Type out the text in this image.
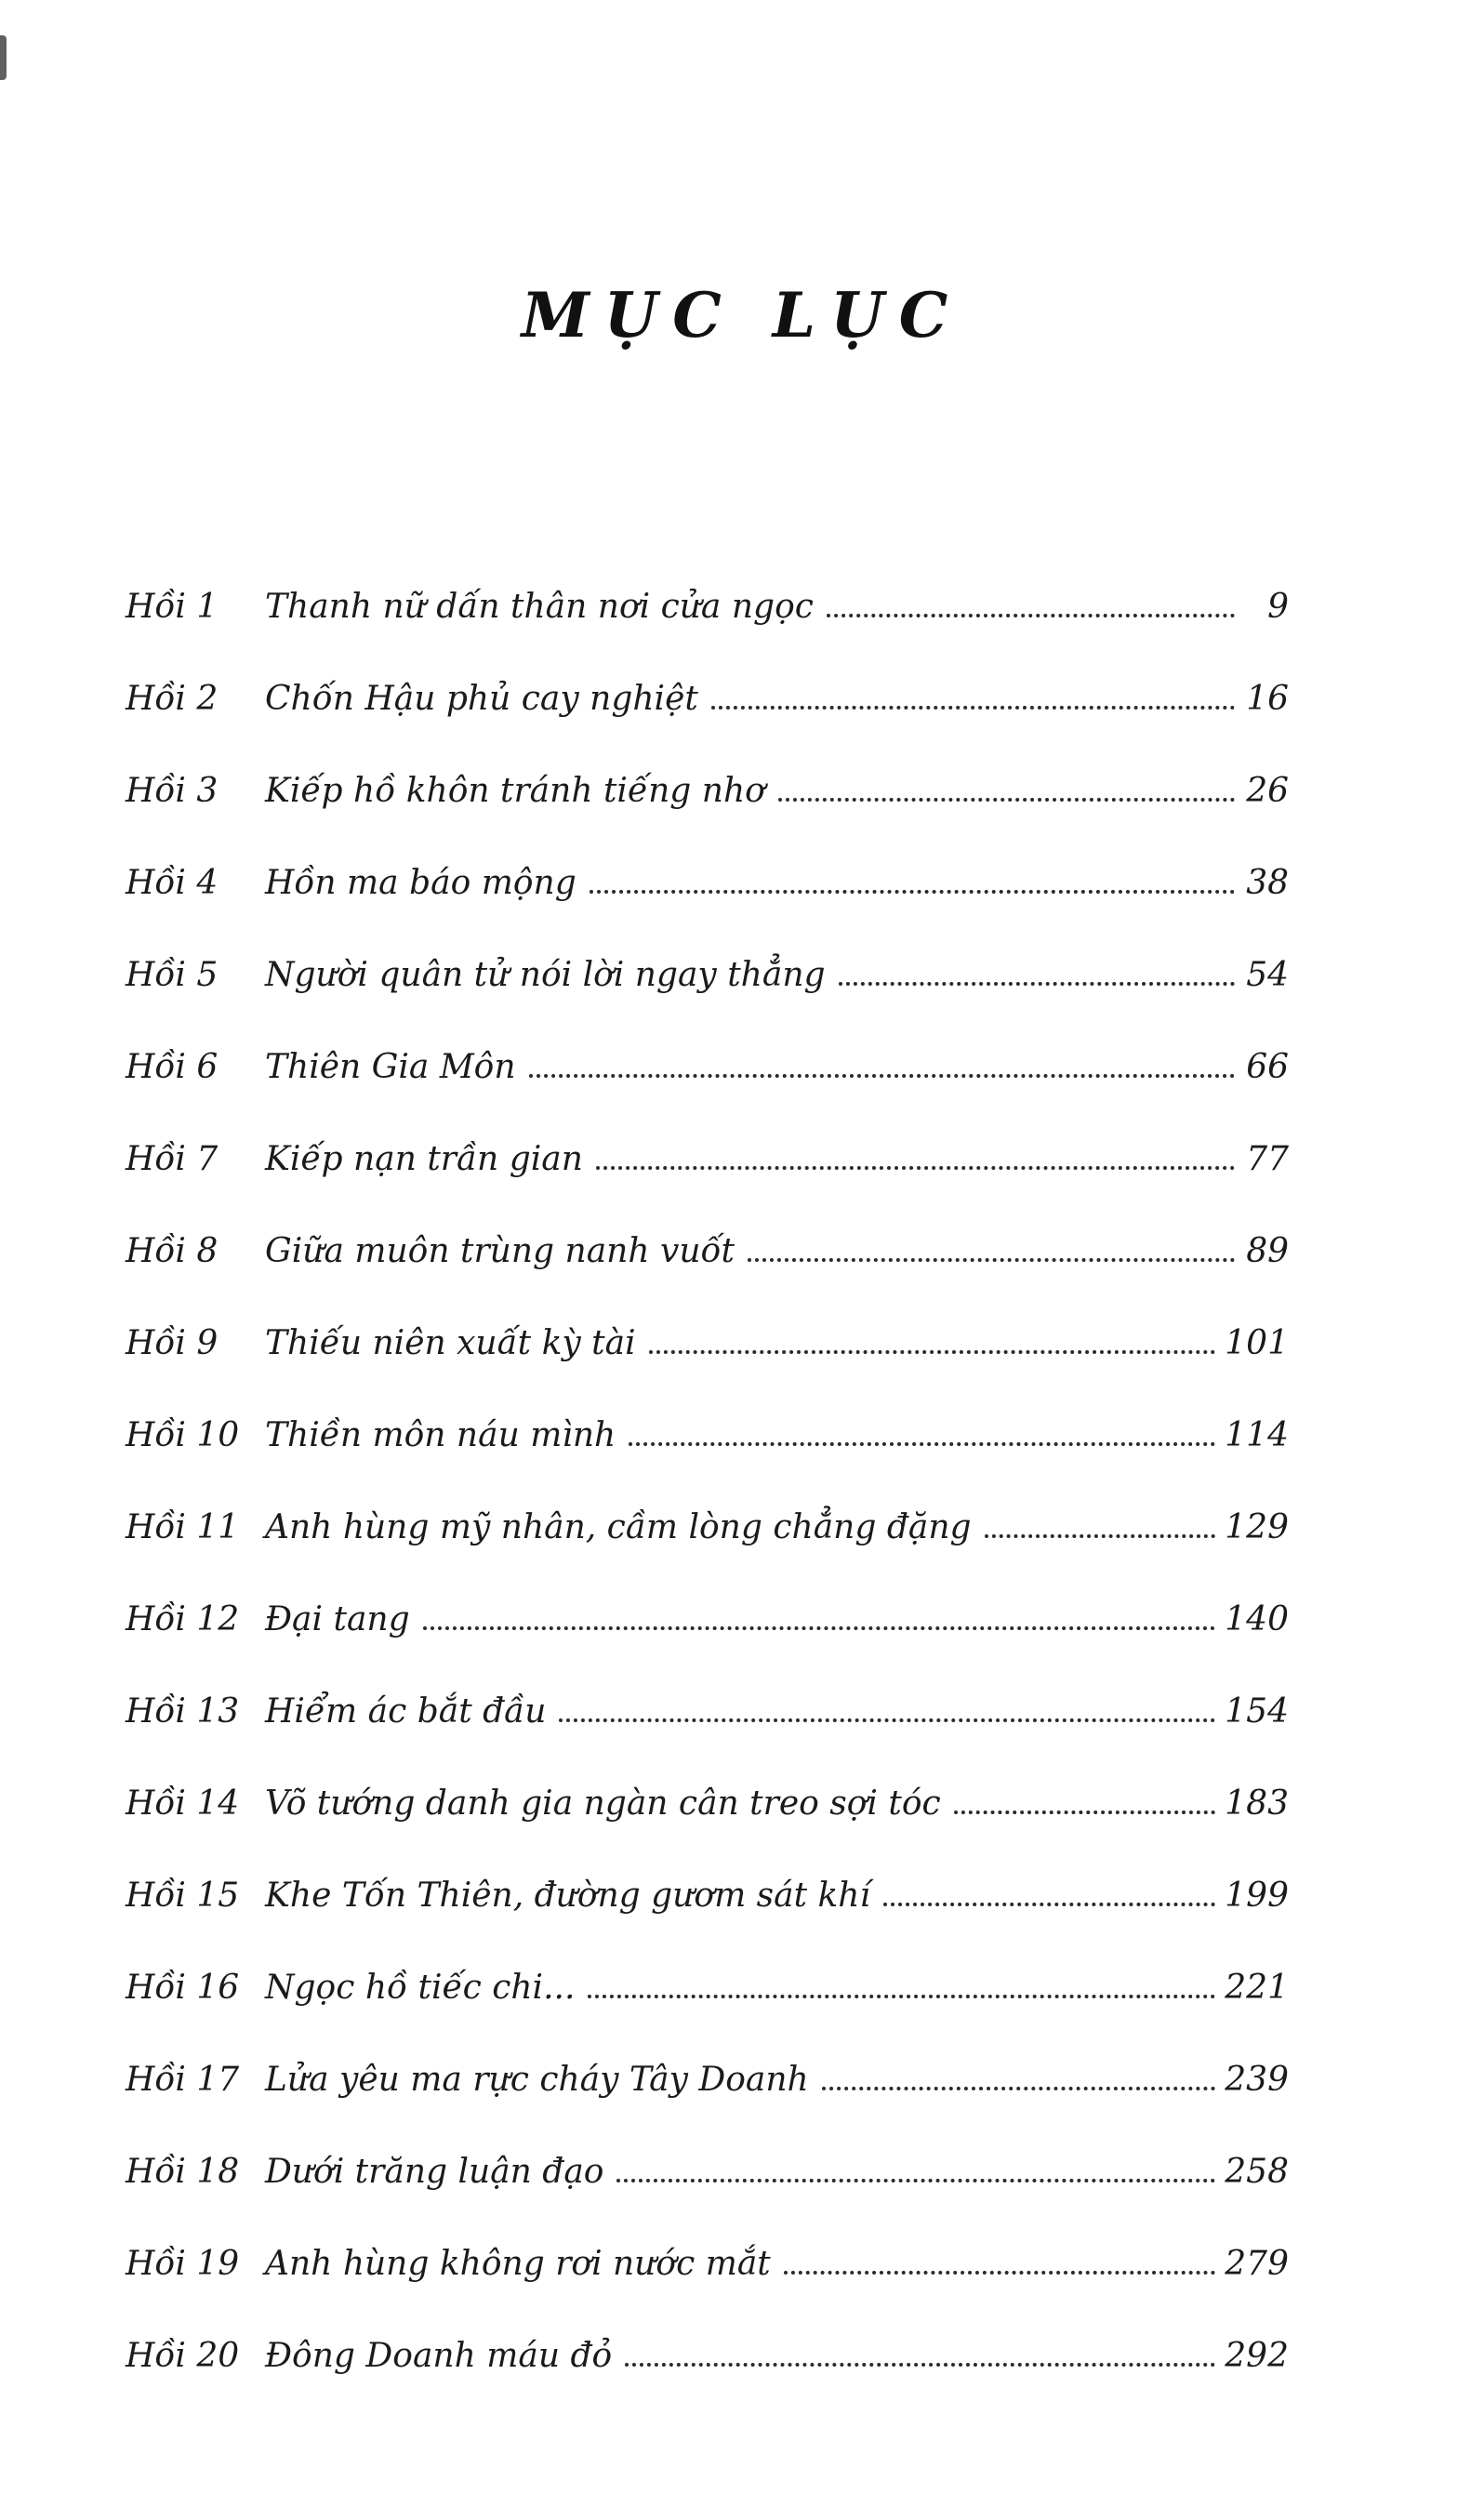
MỤC LỤC
Hồi 1	Thanh nữ dấn thân nơi cửa ngọc	9
Hồi 2	Chốn Hậu phủ cay nghiệt	16
Hồi 3	Kiếp hồ khôn tránh tiếng nhơ	26
Hồi 4	Hồn ma báo mộng	38
Hồi 5	Người quân tử nói lời ngay thẳng	54
Hồi 6	Thiên Gia Môn	66
Hồi 7	Kiếp nạn trần gian	77
Hồi 8	Giữa muôn trùng nanh vuốt	89
Hồi 9	Thiếu niên xuất kỳ tài	101
Hồi 10 Thiền môn náu mình	114
Hồi 11 Anh hùng mỹ nhân, cầm lòng chẳng đặng	129
Hồi 12 Đại tang	140
Hồi 13 Hiểm ác bắt đầu	154
Hồi 14 Võ tướng danh gia ngàn cân treo sợi tóc	183
Hồi 15 Khe Tốn Thiên, đường gươm sát khí	199
Hồi 16 Ngọc hồ tiếc chi...	221
Hồi 17 Lửa yêu ma rực cháy Tây Doanh	239
Hồi 18 Dưới trăng luận đạo	258
Hồi 19 Anh hùng không rơi nước mắt	279
Hồi 20 Đông Doanh máu đỏ	292
